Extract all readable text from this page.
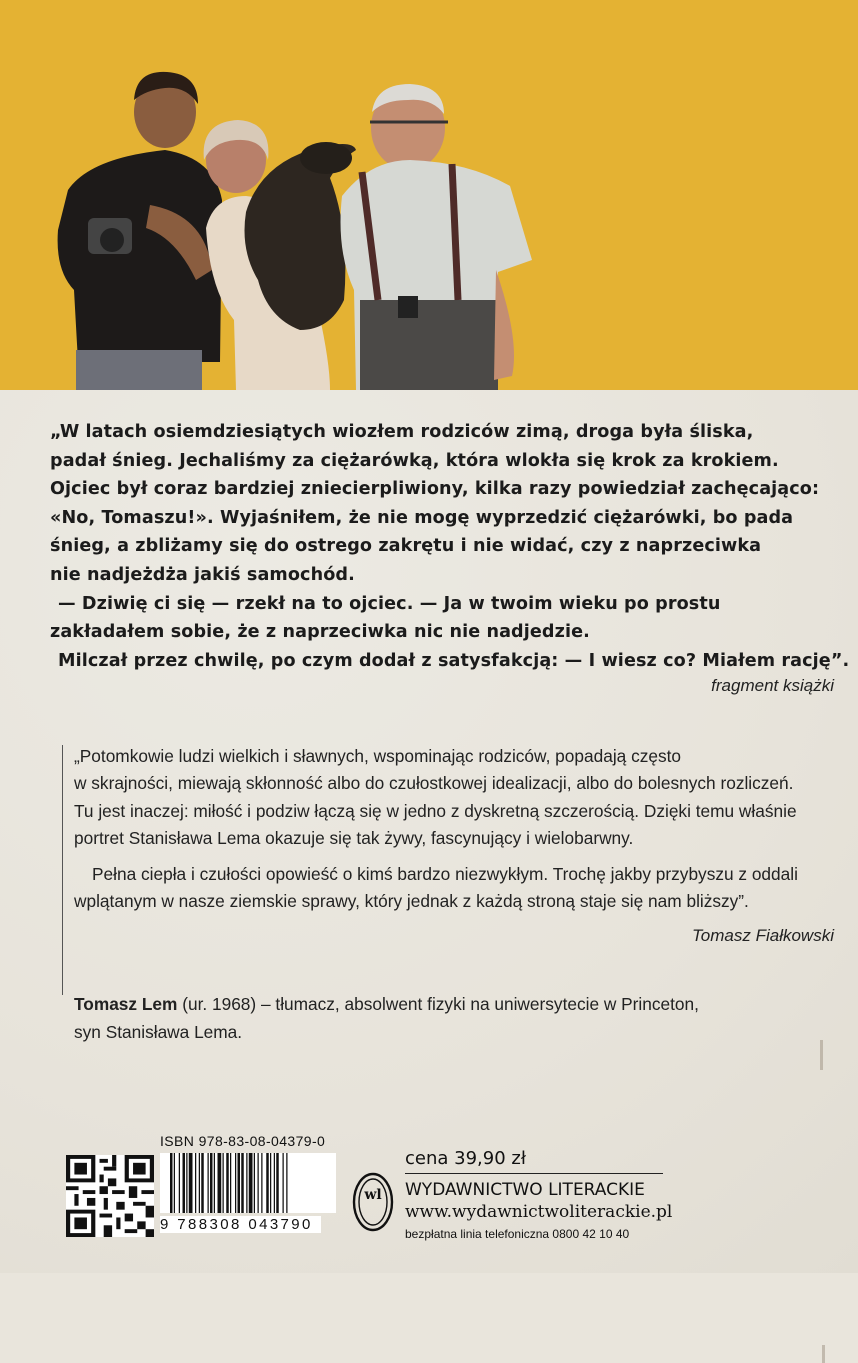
„W latach osiemdziesiątych wiozłem rodziców zimą, droga była śliska,

padał śnieg. Jechaliśmy za ciężarówką, która wlokła się krok za krokiem.

Ojciec był coraz bardziej zniecierpliwiony, kilka razy powiedział zachęcająco:

«No, Tomaszu!». Wyjaśniłem, że nie mogę wyprzedzić ciężarówki, bo pada

śnieg, a zbliżamy się do ostrego zakrętu i nie widać, czy z naprzeciwka

nie nadjeżdża jakiś samochód.

— Dziwię ci się — rzekł na to ojciec. — Ja w twoim wieku po prostu

zakładałem sobie, że z naprzeciwka nic nie nadjedzie.

Milczał przez chwilę, po czym dodał z satysfakcją: — I wiesz co? Miałem rację”.

fragment książki

„Potomkowie ludzi wielkich i sławnych, wspominając rodziców, popadają często

w skrajności, miewają skłonność albo do czułostkowej idealizacji, albo do bolesnych rozliczeń.

Tu jest inaczej: miłość i podziw łączą się w jedno z dyskretną szczerością. Dzięki temu właśnie

portret Stanisława Lema okazuje się tak żywy, fascynujący i wielobarwny.

Pełna ciepła i czułości opowieść o kimś bardzo niezwykłym. Trochę jakby przybyszu z oddali

wplątanym w nasze ziemskie sprawy, który jednak z każdą stroną staje się nam bliższy”.

Tomasz Fiałkowski
Tomasz Lem (ur. 1968) – tłumacz, absolwent fizyki na uniwersytecie w Princeton,
syn Stanisława Lema.
ISBN 978-83-08-04379-0
9 788308 043790
wl
cena 39,90 zł
WYDAWNICTWO LITERACKIE
www.wydawnictwoliterackie.pl
bezpłatna linia telefoniczna 0800 42 10 40
